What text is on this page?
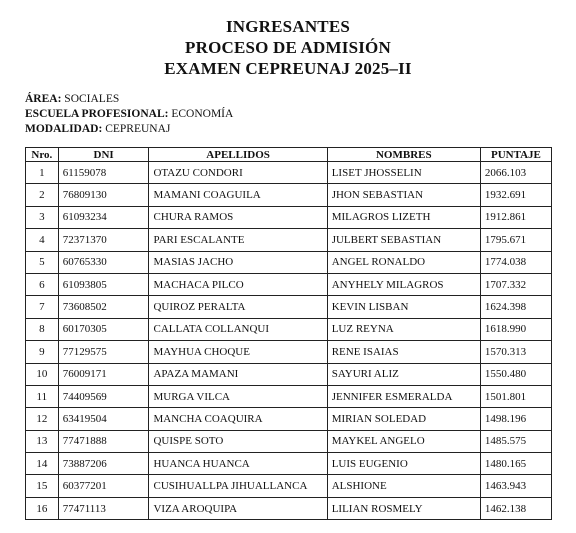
INGRESANTES
PROCESO DE ADMISIÓN
EXAMEN CEPREUNAJ 2025–II
ÁREA: SOCIALES
ESCUELA PROFESIONAL: ECONOMÍA
MODALIDAD: CEPREUNAJ
Nro.	DNI	APELLIDOS	NOMBRES	PUNTAJE
1	61159078	OTAZU CONDORI	LISET JHOSSELIN	2066.103
2	76809130	MAMANI COAGUILA	JHON SEBASTIAN	1932.691
3	61093234	CHURA RAMOS	MILAGROS LIZETH	1912.861
4	72371370	PARI ESCALANTE	JULBERT SEBASTIAN	1795.671
5	60765330	MASIAS JACHO	ANGEL RONALDO	1774.038
6	61093805	MACHACA PILCO	ANYHELY MILAGROS	1707.332
7	73608502	QUIROZ PERALTA	KEVIN LISBAN	1624.398
8	60170305	CALLATA COLLANQUI	LUZ REYNA	1618.990
9	77129575	MAYHUA CHOQUE	RENE ISAIAS	1570.313
10	76009171	APAZA MAMANI	SAYURI ALIZ	1550.480
11	74409569	MURGA VILCA	JENNIFER ESMERALDA	1501.801
12	63419504	MANCHA COAQUIRA	MIRIAN SOLEDAD	1498.196
13	77471888	QUISPE SOTO	MAYKEL ANGELO	1485.575
14	73887206	HUANCA HUANCA	LUIS EUGENIO	1480.165
15	60377201	CUSIHUALLPA JIHUALLANCA	ALSHIONE	1463.943
16	77471113	VIZA AROQUIPA	LILIAN ROSMELY	1462.138
